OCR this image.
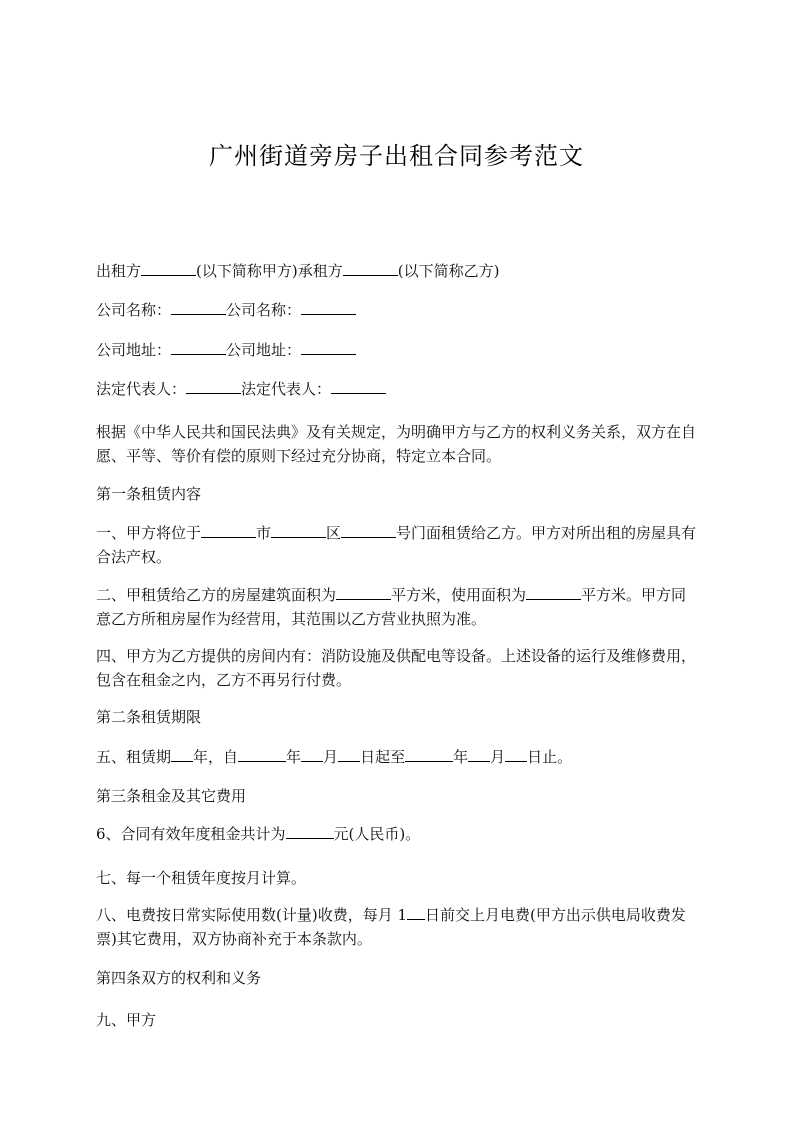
广州街道旁房子出租合同参考范文
出租方	(以下简称甲方)承租方	(以下简称乙方)
公司名称：	公司名称：
公司地址：	公司地址：
法定代表人：	法定代表人：
根据《中华人民共和国民法典》及有关规定，为明确甲方与乙方的权利义务关系，双方在自愿、平等、等价有偿的原则下经过充分协商，特定立本合同。
第一条租赁内容
一、甲方将位于	市	区	号门面租赁给乙方。甲方对所出租的房屋具有合法产权。
二、甲租赁给乙方的房屋建筑面积为	平方米，使用面积为	平方米。甲方同意乙方所租房屋作为经营用，其范围以乙方营业执照为准。
四、甲方为乙方提供的房间内有：消防设施及供配电等设备。上述设备的运行及维修费用，包含在租金之内，乙方不再另行付费。
第二条租赁期限
五、租赁期 年，自	年 月 日起至	年 月 日止。
第三条租金及其它费用
6、合同有效年度租金共计为	元(人民币)。
七、每一个租赁年度按月计算。
八、电费按日常实际使用数(计量)收费，每月 1 日前交上月电费(甲方出示供电局收费发票)其它费用，双方协商补充于本条款内。
第四条双方的权利和义务
九、甲方
